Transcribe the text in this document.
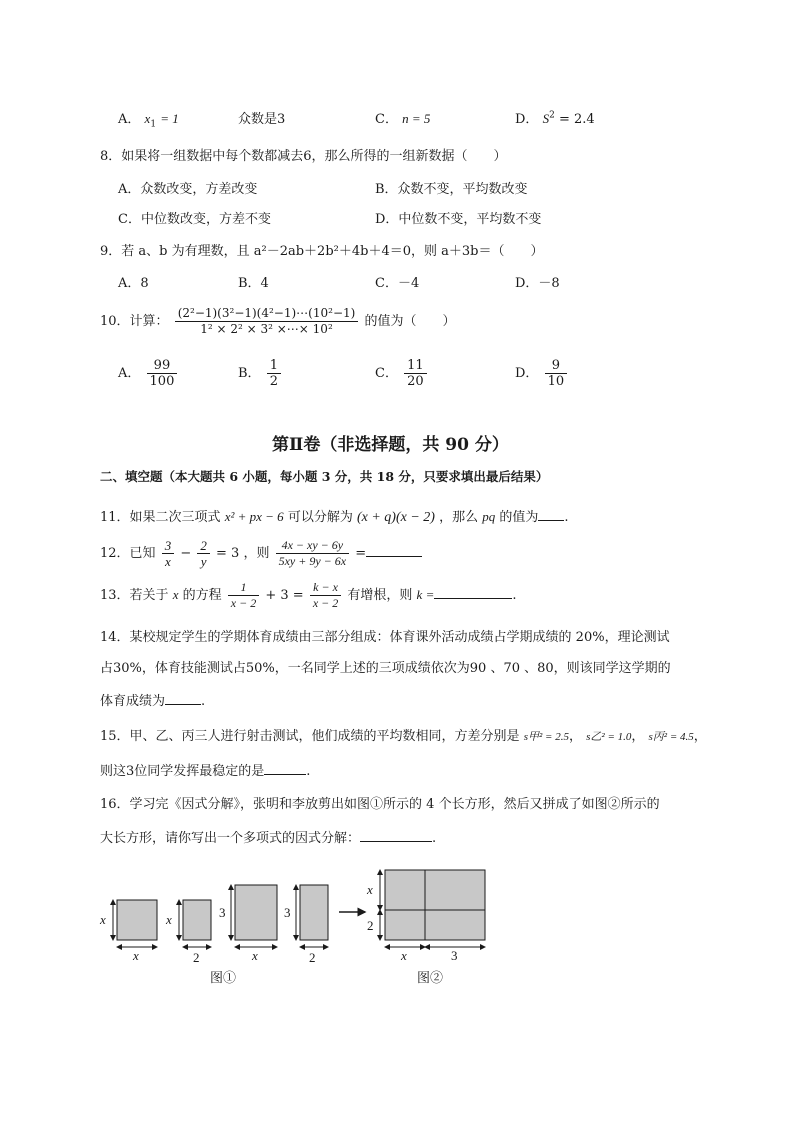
A． $x_1 = 1$	众数是3	C． n = 5	D． $S^2 = 2.4$
8．如果将一组数据中每个数都减去6，那么所得的一组新数据（　　）
A．众数改变，方差改变	B．众数不变，平均数改变
C．中位数改变，方差不变	D．中位数不变，平均数不变
9．若 a、b 为有理数，且 a²－2ab＋2b²＋4b＋4＝0，则 a＋3b＝（　　）
A．8	B．4	C．－4	D．－8
10．计算： $\frac{\text{(2²−1)(3²−1)(4²−1)⋯(10²−1)}}{\text{1² × 2² × 3² ×⋯× 10²}}$ 的值为（　　）
A． $\frac{99}{100}$	B． $\frac{1}{2}$	C． $\frac{11}{20}$	D． $\frac{9}{10}$
第Ⅱ卷（非选择题，共 90 分）
二、填空题（本大题共 6 小题，每小题 3 分，共 18 分，只要求填出最后结果）
11．如果二次三项式 x² + px − 6 可以分解为 (x + q)(x − 2) ，那么 pq 的值为 .
12．已知 $\frac{3}{x} - \frac{2}{y} = 3$ ，则 $\frac{4x - xy - 6y}{5xy + 9y - 6x}$ =
13．若关于 x 的方程 $\frac{1}{x - 2} + 3 = \frac{k - x}{x - 2}$ 有增根，则 k =	.
14．某校规定学生的学期体育成绩由三部分组成：体育课外活动成绩占学期成绩的 20%，理论测试
占30%，体育技能测试占50%，一名同学上述的三项成绩依次为90 、70 、80，则该同学这学期的
体育成绩为	.
15．甲、乙、丙三人进行射击测试，他们成绩的平均数相同，方差分别是 s甲² = 2.5， s乙² = 1.0， s丙² = 4.5，
则这3位同学发挥最稳定的是	.
16．学习完《因式分解》，张明和李放剪出如图①所示的 4 个长方形，然后又拼成了如图②所示的
大长方形，请你写出一个多项式的因式分解：	.
x
x
x
2
3
x
3
2
x
2
x	3
图①	图②
